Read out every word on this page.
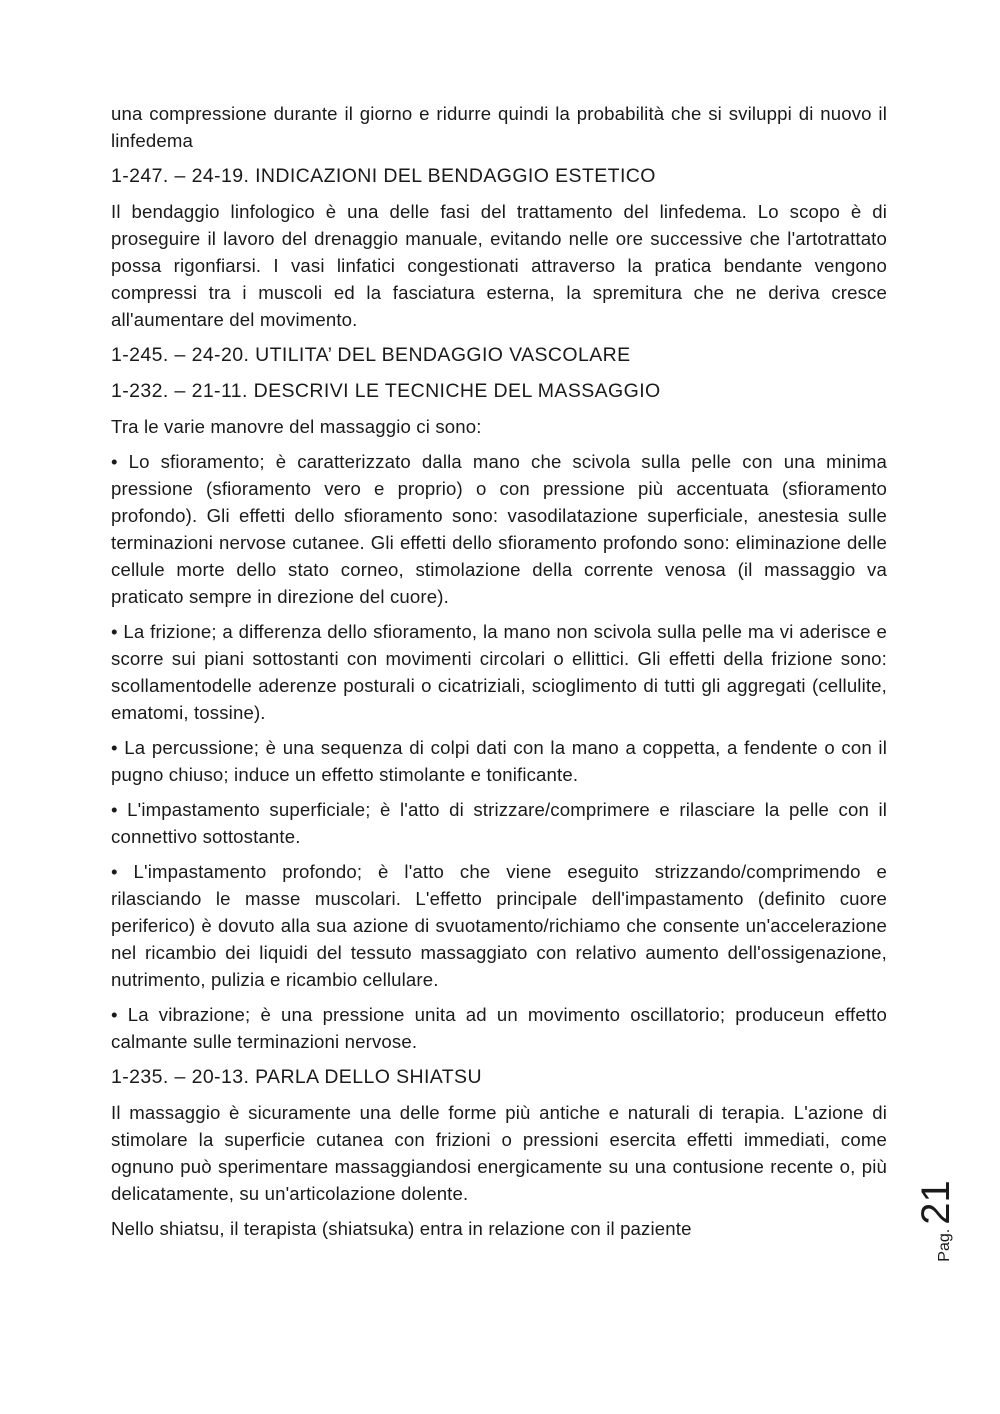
una compressione durante il giorno e ridurre quindi la probabilità che si sviluppi di nuovo il linfedema

1-247. – 24-19. INDICAZIONI DEL BENDAGGIO ESTETICO

Il bendaggio linfologico è una delle fasi del trattamento del linfedema. Lo scopo è di proseguire il lavoro del drenaggio manuale, evitando nelle ore successive che l'artotrattato possa rigonfiarsi. I vasi linfatici congestionati attraverso la pratica bendante vengono compressi tra i muscoli ed la fasciatura esterna, la spremitura che ne deriva cresce all'aumentare del movimento.

1-245. – 24-20. UTILITA’ DEL BENDAGGIO VASCOLARE

1-232. – 21-11. DESCRIVI LE TECNICHE DEL MASSAGGIO

Tra le varie manovre del massaggio ci sono:

• Lo sfioramento; è caratterizzato dalla mano che scivola sulla pelle con una minima pressione (sfioramento vero e proprio) o con pressione più accentuata (sfioramento profondo). Gli effetti dello sfioramento sono: vasodilatazione superficiale, anestesia sulle terminazioni nervose cutanee. Gli effetti dello sfioramento profondo sono: eliminazione delle cellule morte dello stato corneo, stimolazione della corrente venosa (il massaggio va praticato sempre in direzione del cuore).

• La frizione; a differenza dello sfioramento, la mano non scivola sulla pelle ma vi aderisce e scorre sui piani sottostanti con movimenti circolari o ellittici. Gli effetti della frizione sono: scollamentodelle aderenze posturali o cicatriziali, scioglimento di tutti gli aggregati (cellulite, ematomi, tossine).

• La percussione; è una sequenza di colpi dati con la mano a coppetta, a fendente o con il pugno chiuso; induce un effetto stimolante e tonificante.

• L'impastamento superficiale; è l'atto di strizzare/comprimere e rilasciare la pelle con il connettivo sottostante.

• L'impastamento profondo; è l'atto che viene eseguito strizzando/comprimendo e rilasciando le masse muscolari. L'effetto principale dell'impastamento (definito cuore periferico) è dovuto alla sua azione di svuotamento/richiamo che consente un'accelerazione nel ricambio dei liquidi del tessuto massaggiato con relativo aumento dell'ossigenazione, nutrimento, pulizia e ricambio cellulare.

• La vibrazione; è una pressione unita ad un movimento oscillatorio; produceun effetto calmante sulle terminazioni nervose.

1-235. – 20-13. PARLA DELLO SHIATSU

Il massaggio è sicuramente una delle forme più antiche e naturali di terapia. L'azione di stimolare la superficie cutanea con frizioni o pressioni esercita effetti immediati, come ognuno può sperimentare massaggiandosi energicamente su una contusione recente o, più delicatamente, su un'articolazione dolente.

Nello shiatsu, il terapista (shiatsuka) entra in relazione con il paziente

Pag.
21
